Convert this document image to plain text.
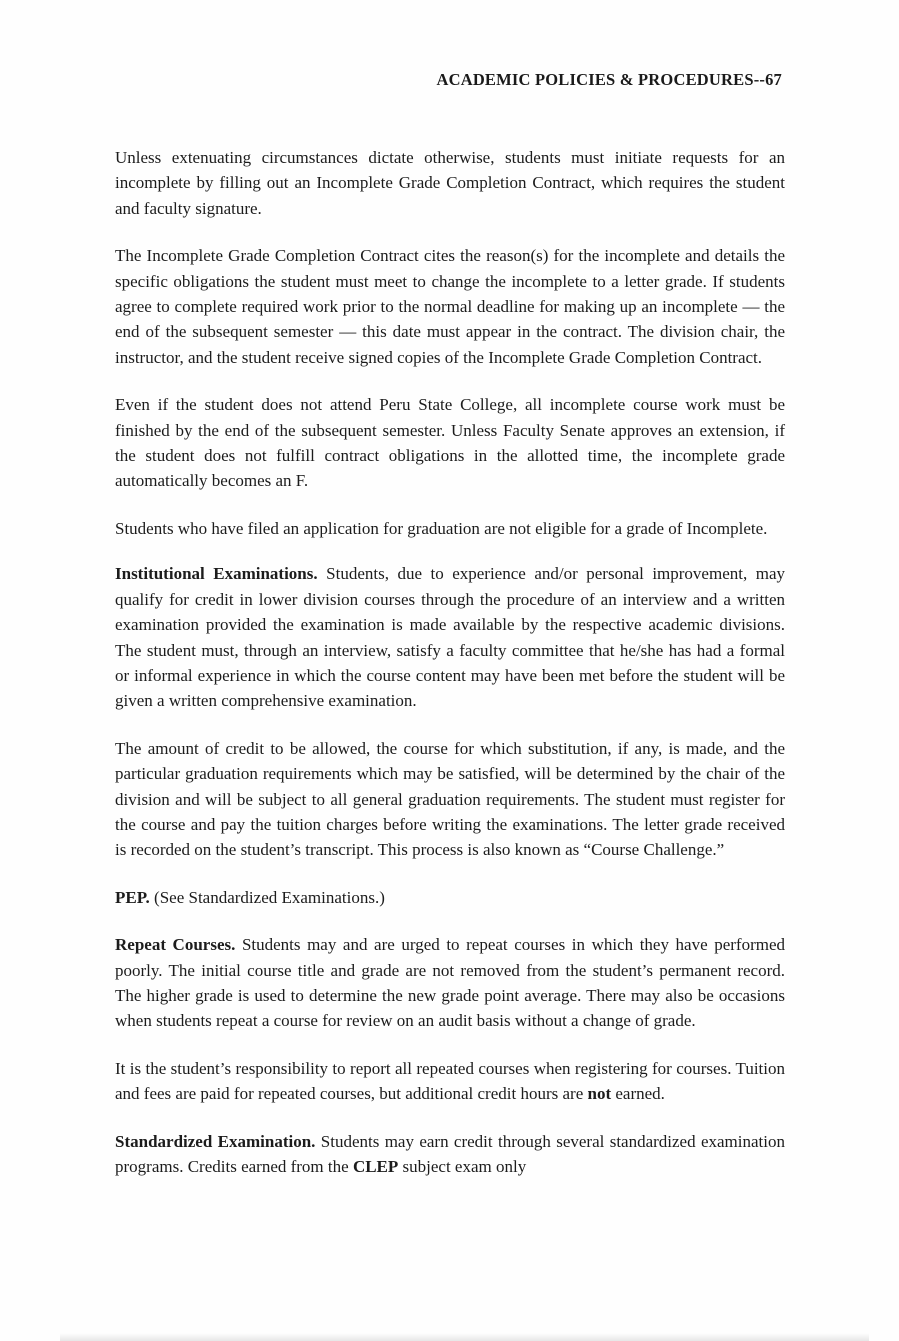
ACADEMIC POLICIES & PROCEDURES--67

Unless extenuating circumstances dictate otherwise, students must initiate requests for an incomplete by filling out an Incomplete Grade Completion Contract, which requires the student and faculty signature.

The Incomplete Grade Completion Contract cites the reason(s) for the incomplete and details the specific obligations the student must meet to change the incomplete to a letter grade. If students agree to complete required work prior to the normal deadline for making up an incomplete — the end of the subsequent semester — this date must appear in the contract. The division chair, the instructor, and the student receive signed copies of the Incomplete Grade Completion Contract.

Even if the student does not attend Peru State College, all incomplete course work must be finished by the end of the subsequent semester. Unless Faculty Senate approves an extension, if the student does not fulfill contract obligations in the allotted time, the incomplete grade automatically becomes an F.

Students who have filed an application for graduation are not eligible for a grade of Incomplete.

Institutional Examinations. Students, due to experience and/or personal improvement, may qualify for credit in lower division courses through the procedure of an interview and a written examination provided the examination is made available by the respective academic divisions. The student must, through an interview, satisfy a faculty committee that he/she has had a formal or informal experience in which the course content may have been met before the student will be given a written comprehensive examination.

The amount of credit to be allowed, the course for which substitution, if any, is made, and the particular graduation requirements which may be satisfied, will be determined by the chair of the division and will be subject to all general graduation requirements. The student must register for the course and pay the tuition charges before writing the examinations. The letter grade received is recorded on the student’s transcript. This process is also known as “Course Challenge.”

PEP. (See Standardized Examinations.)

Repeat Courses. Students may and are urged to repeat courses in which they have performed poorly. The initial course title and grade are not removed from the student’s permanent record. The higher grade is used to determine the new grade point average. There may also be occasions when students repeat a course for review on an audit basis without a change of grade.

It is the student’s responsibility to report all repeated courses when registering for courses. Tuition and fees are paid for repeated courses, but additional credit hours are not earned.

Standardized Examination. Students may earn credit through several standardized examination programs. Credits earned from the CLEP subject exam only
